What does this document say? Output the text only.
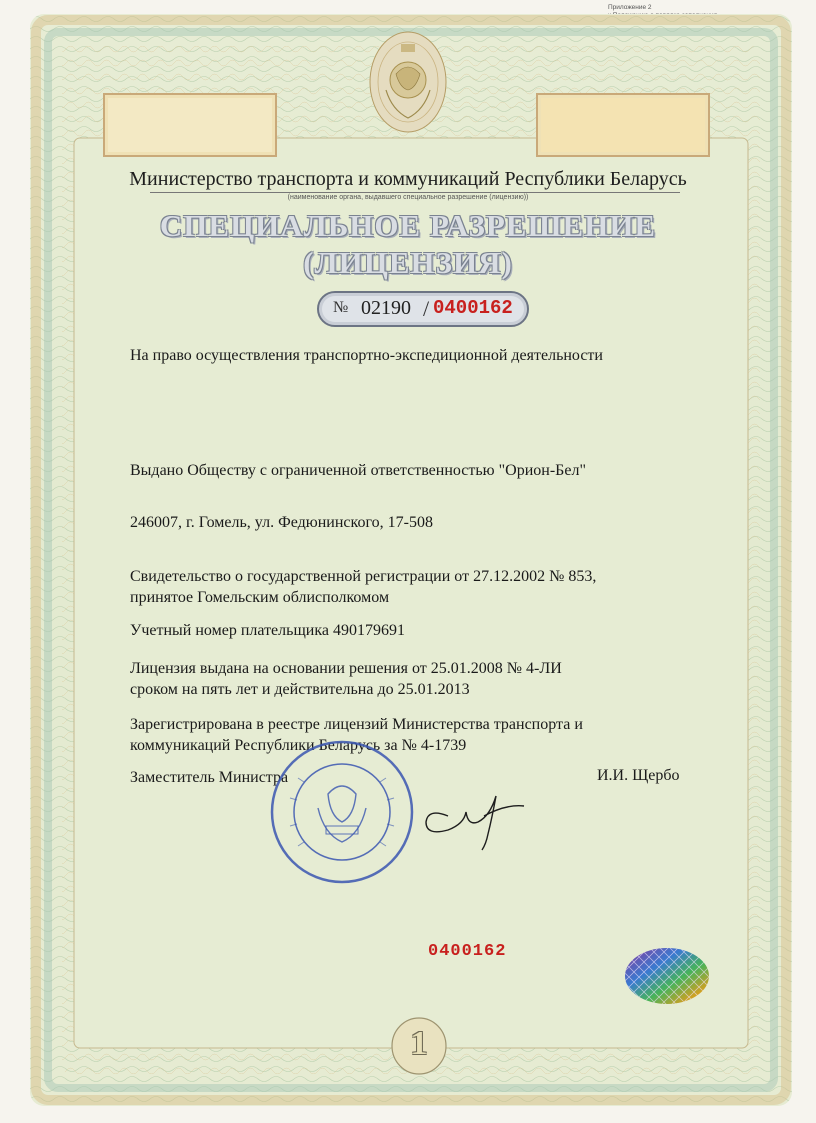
Приложение 2
Министерство транспорта и коммуникаций Республики Беларусь
(наименование органа, выдавшего специальное разрешение (лицензию))
СПЕЦИАЛЬНОЕ РАЗРЕШЕНИЕ
(ЛИЦЕНЗИЯ)
№ 02190 / 0400162
На право осуществления транспортно-экспедиционной деятельности
Выдано Обществу с ограниченной ответственностью "Орион-Бел"
246007, г. Гомель, ул. Федюнинского, 17-508
Свидетельство о государственной регистрации от 27.12.2002 № 853,
принятое Гомельским облисполкомом
Учетный номер плательщика 490179691
Лицензия выдана на основании решения от 25.01.2008 № 4-ЛИ
сроком на пять лет и действительна до 25.01.2013
Зарегистрирована в реестре лицензий Министерства транспорта и
коммуникаций Республики Беларусь за № 4-1739
Заместитель Министра	И.И. Щербо
0400162
1
